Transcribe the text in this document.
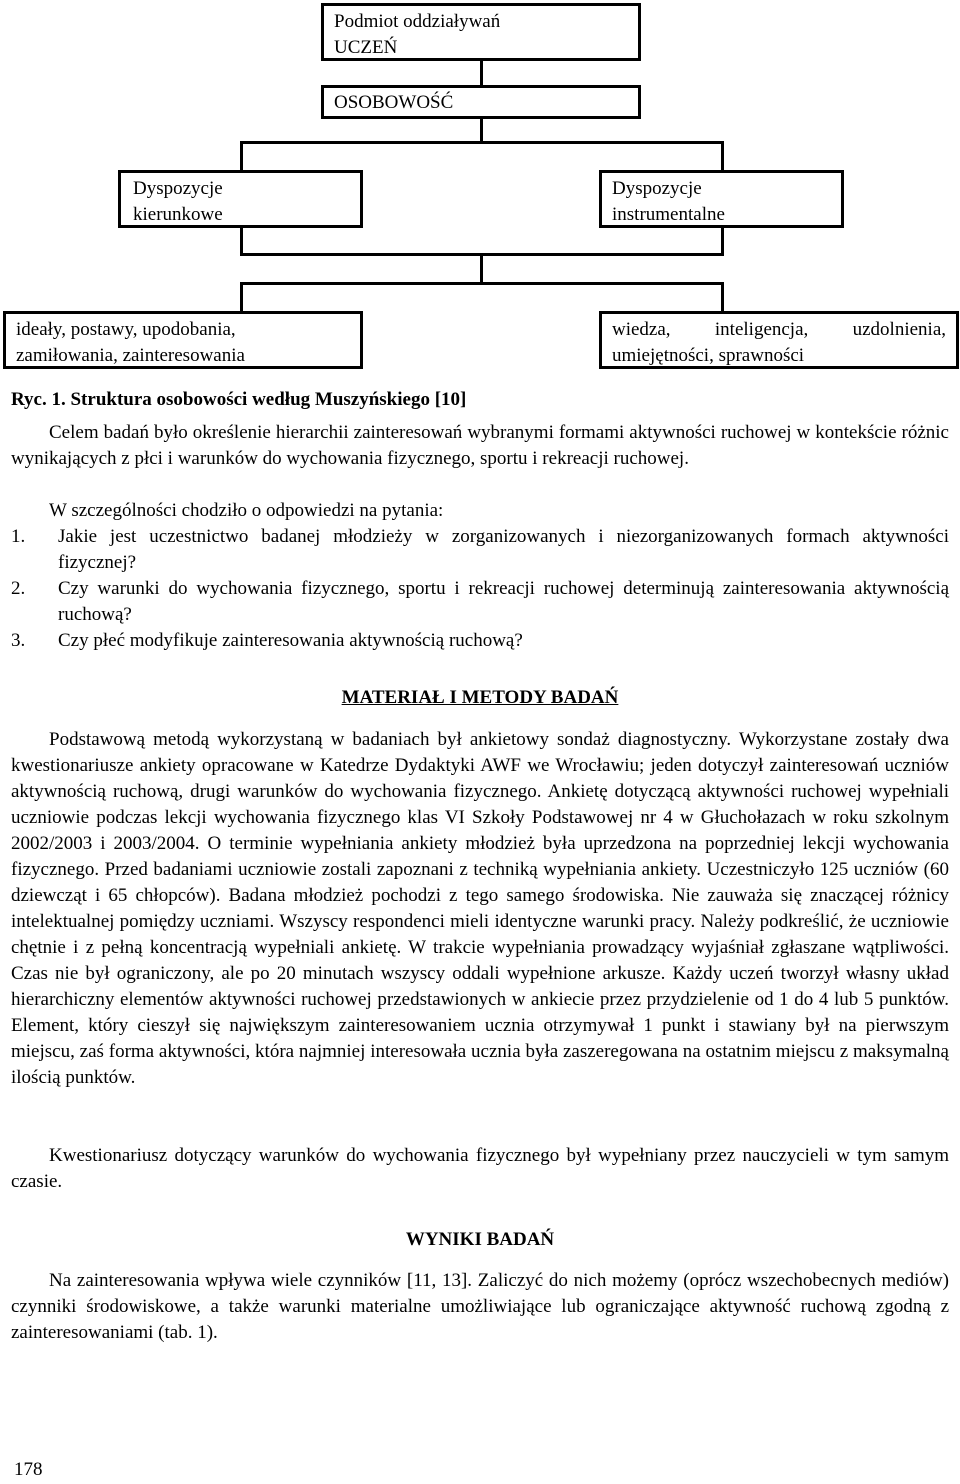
Podmiot oddziaływań
UCZEŃ
OSOBOWOŚĆ
Dyspozycje
kierunkowe
Dyspozycje
instrumentalne
ideały, postawy, upodobania,
zamiłowania, zainteresowania
wiedza, inteligencja, uzdolnienia,
umiejętności, sprawności
Ryc. 1. Struktura osobowości według Muszyńskiego [10]
Celem badań było określenie hierarchii zainteresowań wybranymi formami aktywności ruchowej w kontekście różnic wynikających z płci i warunków do wychowania fizycznego, sportu i rekreacji ruchowej.
W szczególności chodziło o odpowiedzi na pytania:
1. Jakie jest uczestnictwo badanej młodzieży w zorganizowanych i niezorganizowanych formach aktywności fizycznej?
2. Czy warunki do wychowania fizycznego, sportu i rekreacji ruchowej determinują zainteresowania aktywnością ruchową?
3. Czy płeć modyfikuje zainteresowania aktywnością ruchową?
MATERIAŁ I METODY BADAŃ
Podstawową metodą wykorzystaną w badaniach był ankietowy sondaż diagnostyczny. Wykorzystane zostały dwa kwestionariusze ankiety opracowane w Katedrze Dydaktyki AWF we Wrocławiu; jeden dotyczył zainteresowań uczniów aktywnością ruchową, drugi warunków do wychowania fizycznego. Ankietę dotyczącą aktywności ruchowej wypełniali uczniowie podczas lekcji wychowania fizycznego klas VI Szkoły Podstawowej nr 4 w Głuchołazach w roku szkolnym 2002/2003 i 2003/2004. O terminie wypełniania ankiety młodzież była uprzedzona na poprzedniej lekcji wychowania fizycznego. Przed badaniami uczniowie zostali zapoznani z techniką wypełniania ankiety. Uczestniczyło 125 uczniów (60 dziewcząt i 65 chłopców). Badana młodzież pochodzi z tego samego środowiska. Nie zauważa się znaczącej różnicy intelektualnej pomiędzy uczniami. Wszyscy respondenci mieli identyczne warunki pracy. Należy podkreślić, że uczniowie chętnie i z pełną koncentracją wypełniali ankietę. W trakcie wypełniania prowadzący wyjaśniał zgłaszane wątpliwości. Czas nie był ograniczony, ale po 20 minutach wszyscy oddali wypełnione arkusze. Każdy uczeń tworzył własny układ hierarchiczny elementów aktywności ruchowej przedstawionych w ankiecie przez przydzielenie od 1 do 4 lub 5 punktów. Element, który cieszył się największym zainteresowaniem ucznia otrzymywał 1 punkt i stawiany był na pierwszym miejscu, zaś forma aktywności, która najmniej interesowała ucznia była zaszeregowana na ostatnim miejscu z maksymalną ilością punktów.
Kwestionariusz dotyczący warunków do wychowania fizycznego był wypełniany przez nauczycieli w tym samym czasie.
WYNIKI BADAŃ
Na zainteresowania wpływa wiele czynników [11, 13]. Zaliczyć do nich możemy (oprócz wszechobecnych mediów) czynniki środowiskowe, a także warunki materialne umożliwiające lub ograniczające aktywność ruchową zgodną z zainteresowaniami (tab. 1).
178
